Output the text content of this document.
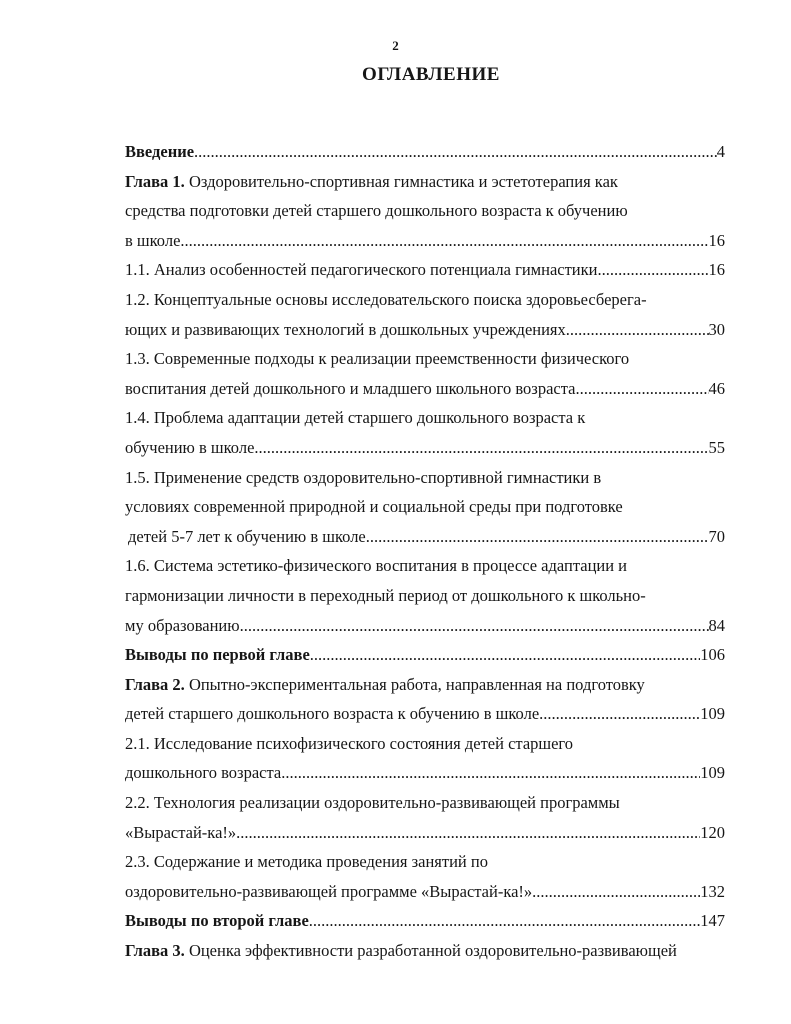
2
ОГЛАВЛЕНИЕ
Введение .....	4
Глава 1. Оздоровительно-спортивная гимнастика и эстетотерапия как
средства подготовки детей старшего дошкольного возраста к обучению
в школе .....	16
1.1. Анализ особенностей педагогического потенциала гимнастики .....	16
1.2. Концептуальные основы исследовательского поиска здоровьесберега-
ющих и развивающих технологий в дошкольных учреждениях .....	30
1.3. Современные подходы к реализации преемственности физического
воспитания детей дошкольного и младшего школьного возраста .....	46
1.4. Проблема адаптации детей старшего дошкольного возраста к
обучению в школе .....	55
1.5. Применение средств оздоровительно-спортивной гимнастики в
условиях современной природной и социальной среды при подготовке
детей 5-7 лет к обучению в школе .....	70
1.6. Система эстетико-физического воспитания в процессе адаптации и
гармонизации личности в переходный период от дошкольного к школьно-
му образованию .....	84
Выводы по первой главе .....	106
Глава 2. Опытно-экспериментальная работа, направленная на подготовку
детей старшего дошкольного возраста к обучению в школе .....	109
2.1. Исследование психофизического состояния детей старшего
дошкольного возраста .....	109
2.2. Технология реализации оздоровительно-развивающей программы
«Вырастай-ка!» .....	120
2.3. Содержание и методика проведения занятий по
оздоровительно-развивающей программе «Вырастай-ка!» .....	132
Выводы по второй главе .....	147
Глава 3. Оценка эффективности разработанной оздоровительно-развивающей
